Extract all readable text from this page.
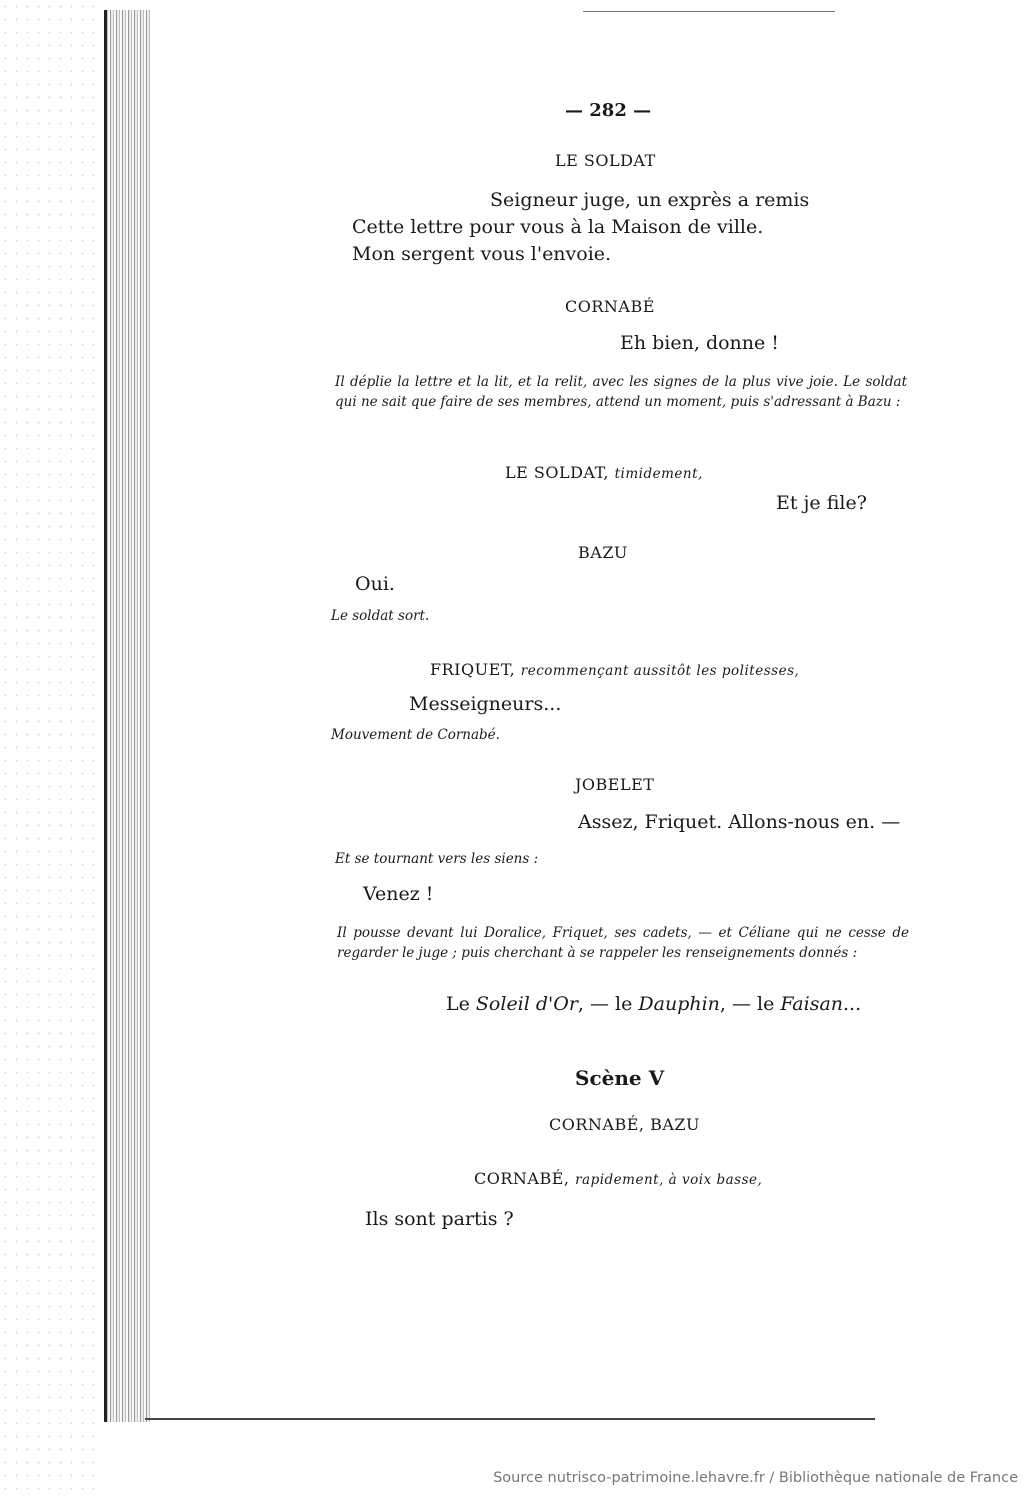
— 282 —
LE SOLDAT
Seigneur juge, un exprès a remis
Cette lettre pour vous à la Maison de ville.
Mon sergent vous l'envoie.
CORNABÉ
Eh bien, donne !
Il déplie la lettre et la lit, et la relit, avec les signes de la plus vive joie. Le soldat qui ne sait que faire de ses membres, attend un moment, puis s'adressant à Bazu :
LE SOLDAT, timidement,
Et je file?
BAZU
Oui.
Le soldat sort.
FRIQUET, recommençant aussitôt les politesses,
Messeigneurs...
Mouvement de Cornabé.
JOBELET
Assez, Friquet. Allons-nous en. —
Et se tournant vers les siens :
Venez !
Il pousse devant lui Doralice, Friquet, ses cadets, — et Céliane qui ne cesse de regarder le juge ; puis cherchant à se rappeler les renseignements donnés :
Le Soleil d'Or, — le Dauphin, — le Faisan...
Scène V
CORNABÉ, BAZU
CORNABÉ, rapidement, à voix basse,
Ils sont partis ?
Source nutrisco-patrimoine.lehavre.fr / Bibliothèque nationale de France
